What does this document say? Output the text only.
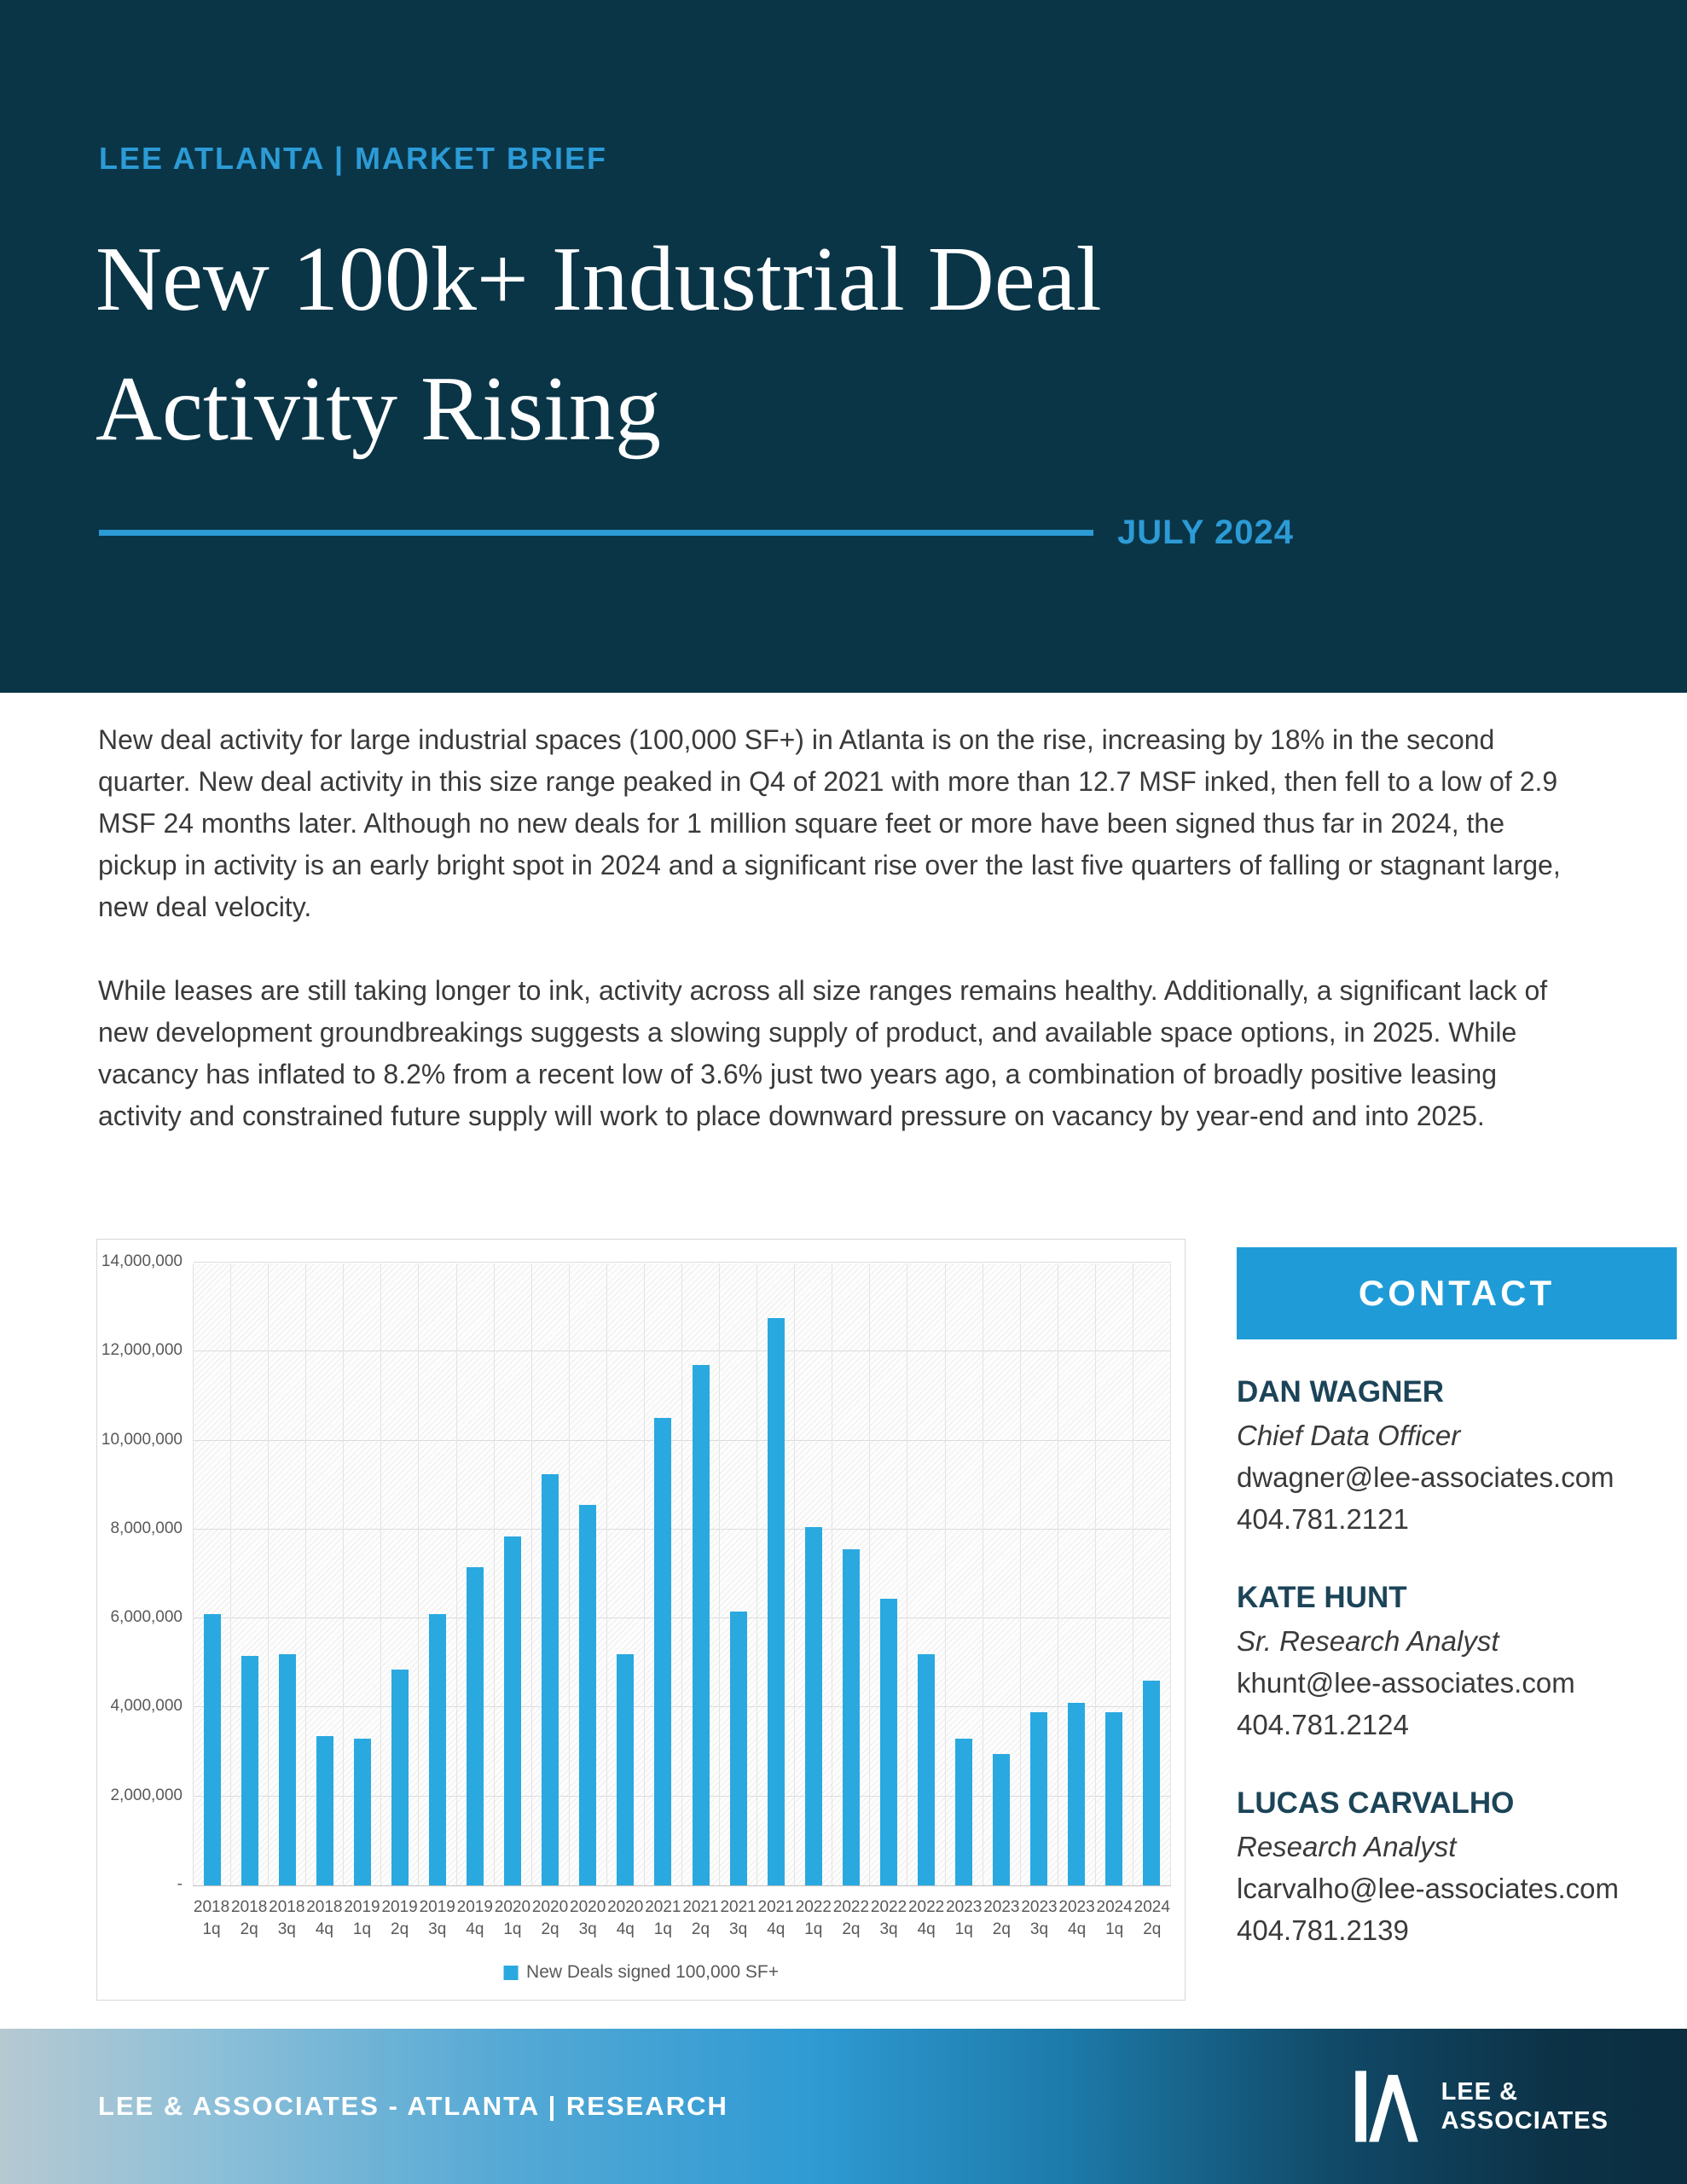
LEE ATLANTA | MARKET BRIEF
New 100k+ Industrial Deal
Activity Rising
JULY 2024

New deal activity for large industrial spaces (100,000 SF+) in Atlanta is on the rise, increasing by 18% in the second quarter. New deal activity in this size range peaked in Q4 of 2021 with more than 12.7 MSF inked, then fell to a low of 2.9 MSF 24 months later. Although no new deals for 1 million square feet or more have been signed thus far in 2024, the pickup in activity is an early bright spot in 2024 and a significant rise over the last five quarters of falling or stagnant large, new deal velocity.

While leases are still taking longer to ink, activity across all size ranges remains healthy. Additionally, a significant lack of new development groundbreakings suggests a slowing supply of product, and available space options, in 2025. While vacancy has inflated to 8.2% from a recent low of 3.6% just two years ago, a combination of broadly positive leasing activity and constrained future supply will work to place downward pressure on vacancy by year-end and into 2025.

-
2,000,000
4,000,000
6,000,000
8,000,000
10,000,000
12,000,000
14,000,000
2018
1q
2018
2q
2018
3q
2018
4q
2019
1q
2019
2q
2019
3q
2019
4q
2020
1q
2020
2q
2020
3q
2020
4q
2021
1q
2021
2q
2021
3q
2021
4q
2022
1q
2022
2q
2022
3q
2022
4q
2023
1q
2023
2q
2023
3q
2023
4q
2024
1q
2024
2q
New Deals signed 100,000 SF+
CONTACT
DAN WAGNER
Chief Data Officer
dwagner@lee-associates.com
404.781.2121
KATE HUNT
Sr. Research Analyst
khunt@lee-associates.com
404.781.2124
LUCAS CARVALHO
Research Analyst
lcarvalho@lee-associates.com
404.781.2139
LEE & ASSOCIATES - ATLANTA | RESEARCH	LEE &
ASSOCIATES
